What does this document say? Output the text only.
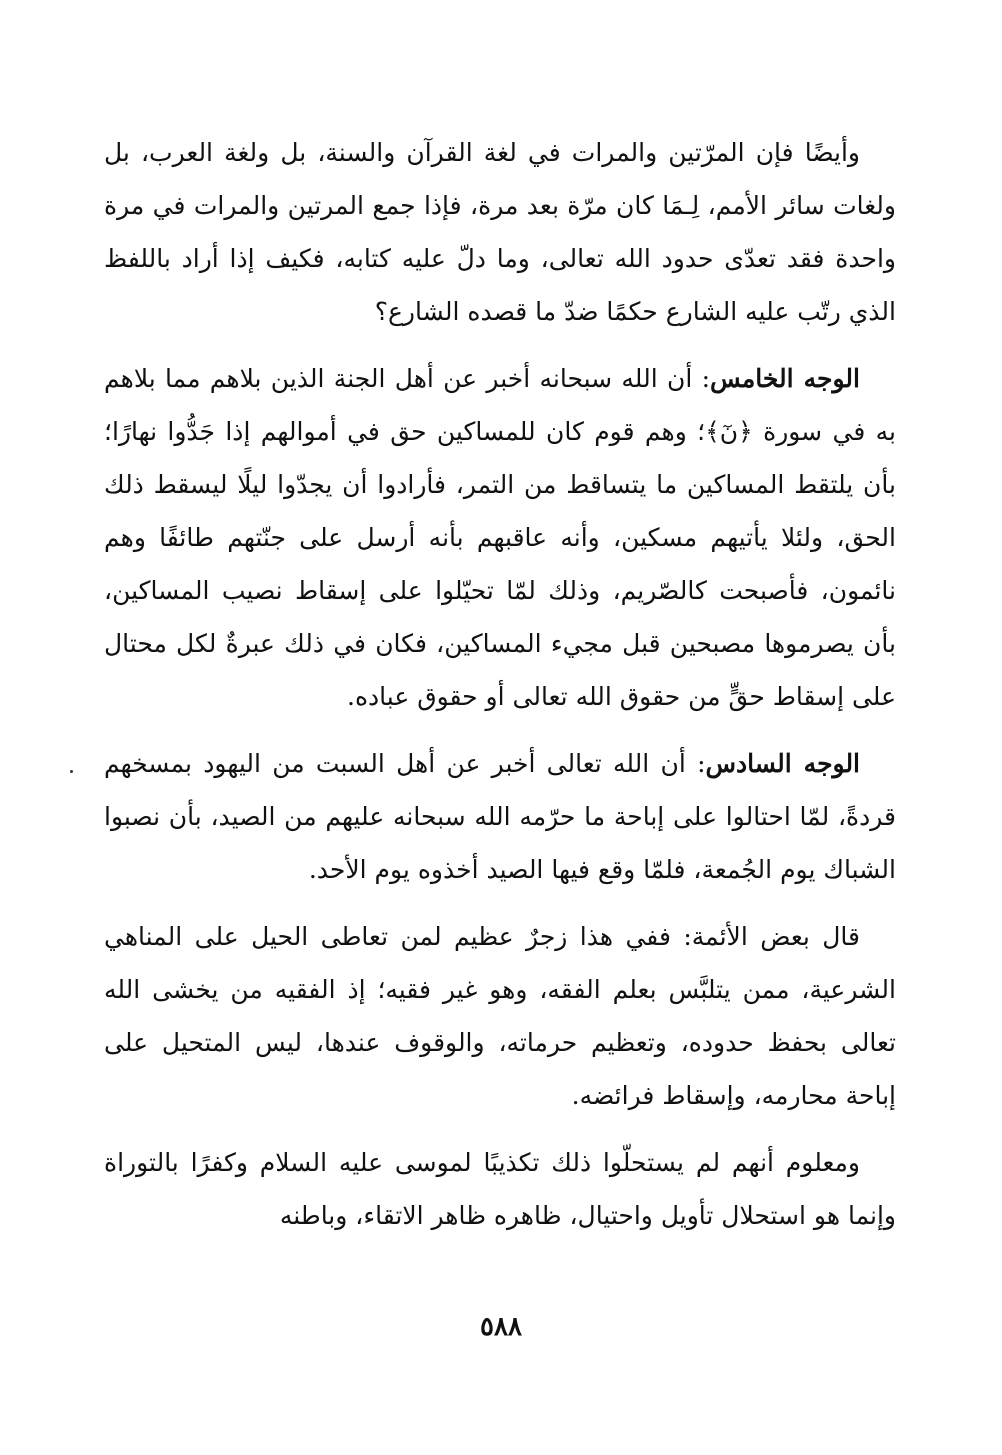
وأيضًا فإن المرّتين والمرات في لغة القرآن والسنة، بل ولغة العرب، بل ولغات سائر الأمم، لِـمَا كان مرّة بعد مرة، فإذا جمع المرتين والمرات في مرة واحدة فقد تعدّى حدود الله تعالى، وما دلّ عليه كتابه، فكيف إذا أراد باللفظ الذي رتّب عليه الشارع حكمًا ضدّ ما قصده الشارع؟

الوجه الخامس: أن الله سبحانه أخبر عن أهل الجنة الذين بلاهم مما بلاهم به في سورة ﴿نٓ﴾؛ وهم قوم كان للمساكين حق في أموالهم إذا جَدُّوا نهارًا؛ بأن يلتقط المساكين ما يتساقط من التمر، فأرادوا أن يجدّوا ليلًا ليسقط ذلك الحق، ولئلا يأتيهم مسكين، وأنه عاقبهم بأنه أرسل على جنّتهم طائفًا وهم نائمون، فأصبحت كالصّريم، وذلك لمّا تحيّلوا على إسقاط نصيب المساكين، بأن يصرموها مصبحين قبل مجيء المساكين، فكان في ذلك عبرةٌ لكل محتال على إسقاط حقٍّ من حقوق الله تعالى أو حقوق عباده.

الوجه السادس: أن الله تعالى أخبر عن أهل السبت من اليهود بمسخهم قردةً، لمّا احتالوا على إباحة ما حرّمه الله سبحانه عليهم من الصيد، بأن نصبوا الشباك يوم الجُمعة، فلمّا وقع فيها الصيد أخذوه يوم الأحد.

قال بعض الأئمة: ففي هذا زجرٌ عظيم لمن تعاطى الحيل على المناهي الشرعية، ممن يتلبَّس بعلم الفقه، وهو غير فقيه؛ إذ الفقيه من يخشى الله تعالى بحفظ حدوده، وتعظيم حرماته، والوقوف عندها، ليس المتحيل على إباحة محارمه، وإسقاط فرائضه.

ومعلوم أنهم لم يستحلّوا ذلك تكذيبًا لموسى عليه السلام وكفرًا بالتوراة وإنما هو استحلال تأويل واحتيال، ظاهره ظاهر الاتقاء، وباطنه

٥٨٨
